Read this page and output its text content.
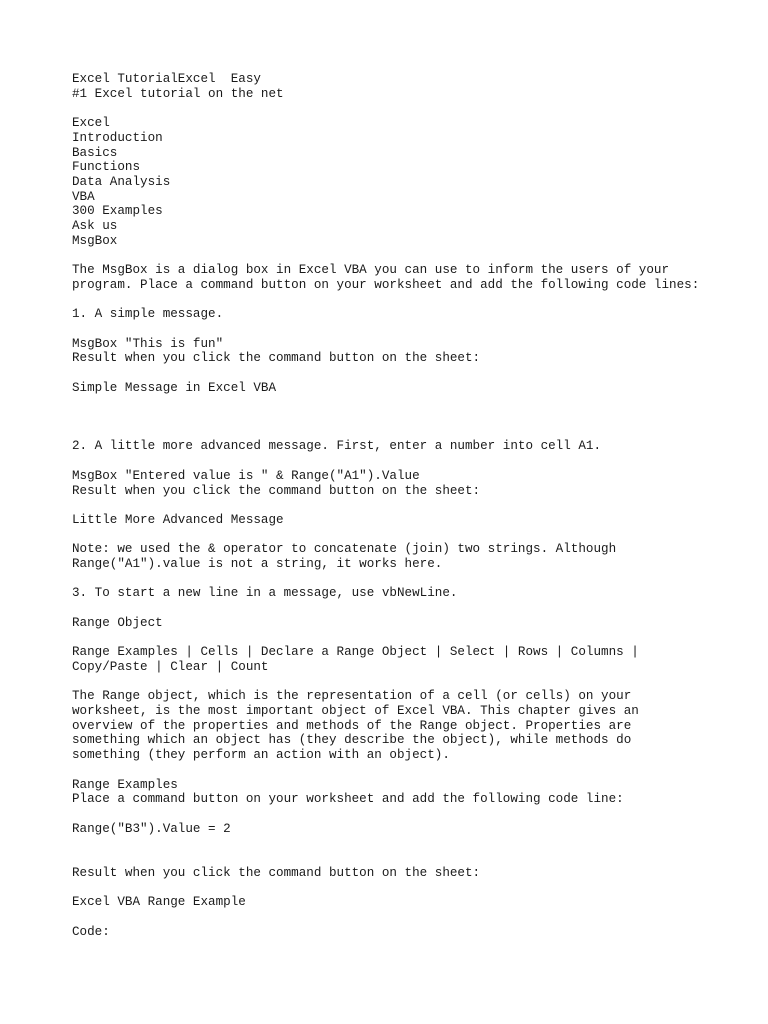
Excel TutorialExcel  Easy
#1 Excel tutorial on the net
Excel
Introduction
Basics
Functions
Data Analysis
VBA
300 Examples
Ask us
MsgBox
The MsgBox is a dialog box in Excel VBA you can use to inform the users of your
program. Place a command button on your worksheet and add the following code lines:
1. A simple message.
MsgBox "This is fun"
Result when you click the command button on the sheet:
Simple Message in Excel VBA
2. A little more advanced message. First, enter a number into cell A1.
MsgBox "Entered value is " & Range("A1").Value
Result when you click the command button on the sheet:
Little More Advanced Message
Note: we used the & operator to concatenate (join) two strings. Although
Range("A1").value is not a string, it works here.
3. To start a new line in a message, use vbNewLine.
Range Object
Range Examples | Cells | Declare a Range Object | Select | Rows | Columns |
Copy/Paste | Clear | Count
The Range object, which is the representation of a cell (or cells) on your
worksheet, is the most important object of Excel VBA. This chapter gives an
overview of the properties and methods of the Range object. Properties are
something which an object has (they describe the object), while methods do
something (they perform an action with an object).
Range Examples
Place a command button on your worksheet and add the following code line:
Range("B3").Value = 2
Result when you click the command button on the sheet:
Excel VBA Range Example
Code:
